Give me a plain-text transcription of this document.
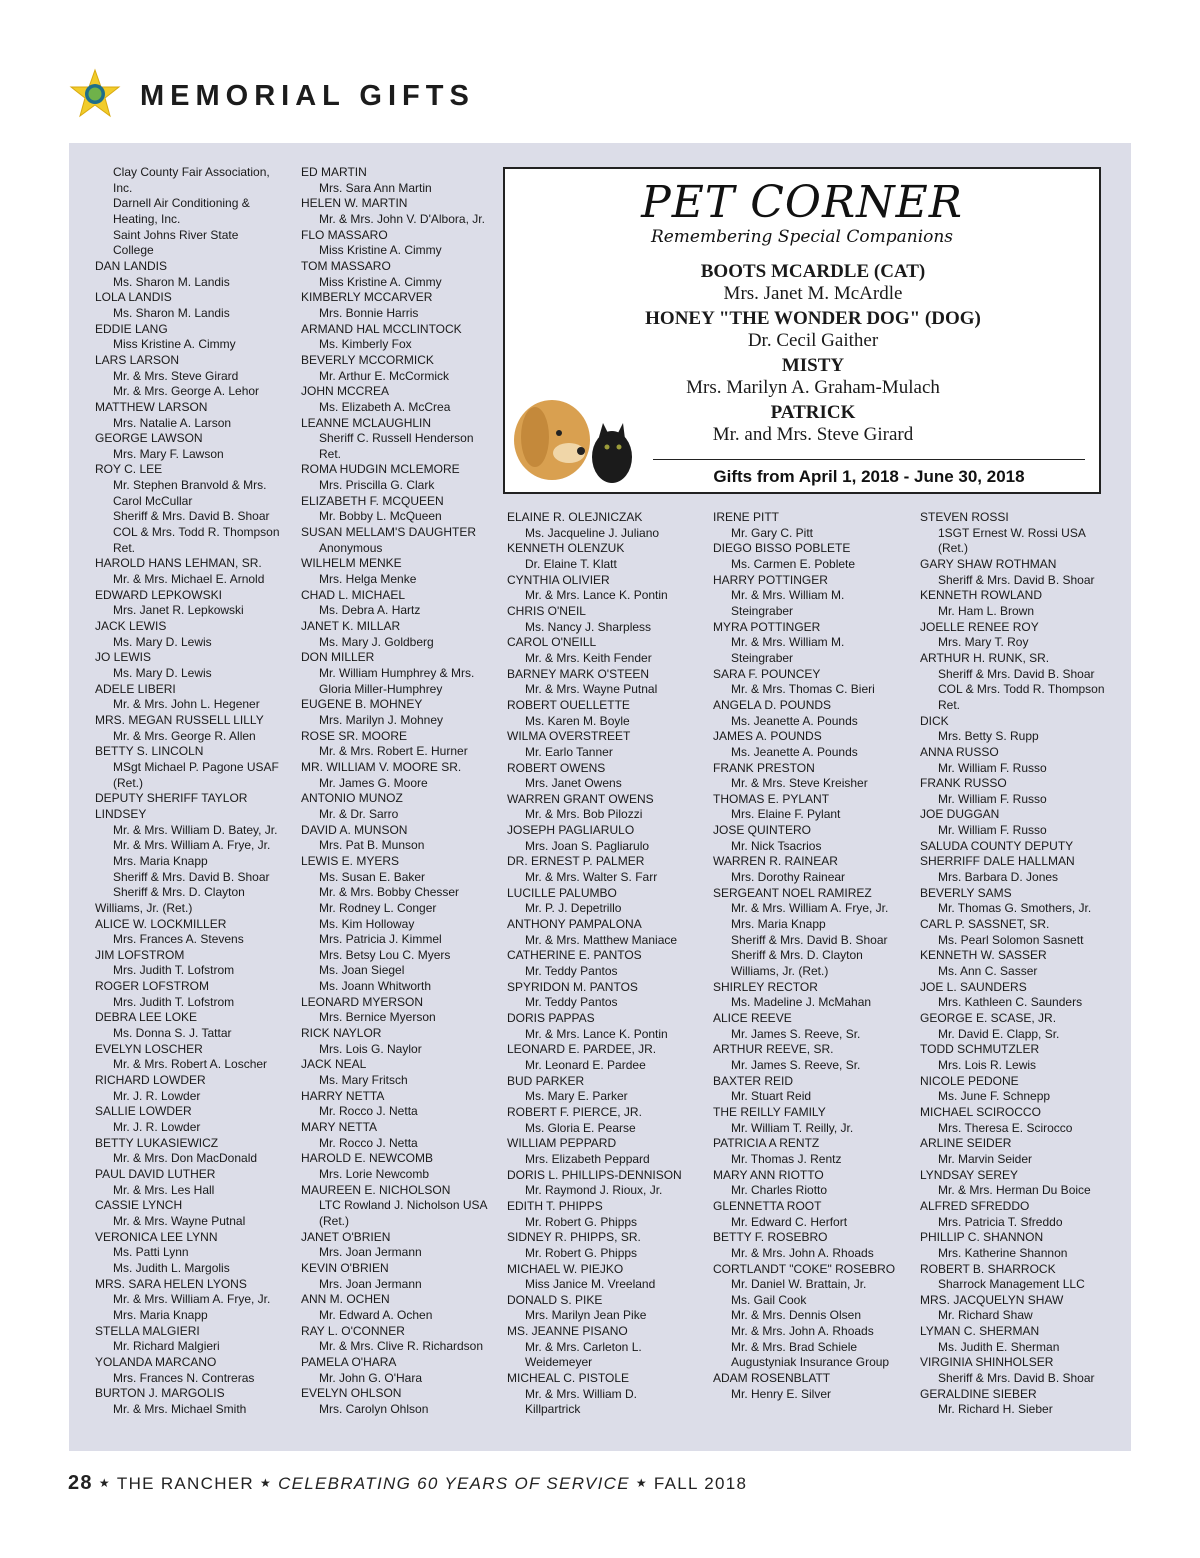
MEMORIAL GIFTS
Clay County Fair Association,
Inc.
Darnell Air Conditioning &
Heating, Inc.
Saint Johns River State
College
DAN LANDIS
Ms. Sharon M. Landis
LOLA LANDIS
Ms. Sharon M. Landis
EDDIE LANG
Miss Kristine A. Cimmy
LARS LARSON
Mr. & Mrs. Steve Girard
Mr. & Mrs. George A. Lehor
MATTHEW LARSON
Mrs. Natalie A. Larson
GEORGE LAWSON
Mrs. Mary F. Lawson
ROY C. LEE
Mr. Stephen Branvold & Mrs.
Carol McCullar
Sheriff & Mrs. David B. Shoar
COL & Mrs. Todd R. Thompson
Ret.
HAROLD HANS LEHMAN, SR.
Mr. & Mrs. Michael E. Arnold
EDWARD LEPKOWSKI
Mrs. Janet R. Lepkowski
JACK LEWIS
Ms. Mary D. Lewis
JO LEWIS
Ms. Mary D. Lewis
ADELE LIBERI
Mr. & Mrs. John L. Hegener
MRS. MEGAN RUSSELL LILLY
Mr. & Mrs. George R. Allen
BETTY S. LINCOLN
MSgt Michael P. Pagone USAF
(Ret.)
DEPUTY SHERIFF TAYLOR
LINDSEY
Mr. & Mrs. William D. Batey, Jr.
Mr. & Mrs. William A. Frye, Jr.
Mrs. Maria Knapp
Sheriff & Mrs. David B. Shoar
Sheriff & Mrs. D. Clayton
Williams, Jr. (Ret.)
ALICE W. LOCKMILLER
Mrs. Frances A. Stevens
JIM LOFSTROM
Mrs. Judith T. Lofstrom
ROGER LOFSTROM
Mrs. Judith T. Lofstrom
DEBRA LEE LOKE
Ms. Donna S. J. Tattar
EVELYN LOSCHER
Mr. & Mrs. Robert A. Loscher
RICHARD LOWDER
Mr. J. R. Lowder
SALLIE LOWDER
Mr. J. R. Lowder
BETTY LUKASIEWICZ
Mr. & Mrs. Don MacDonald
PAUL DAVID LUTHER
Mr. & Mrs. Les Hall
CASSIE LYNCH
Mr. & Mrs. Wayne Putnal
VERONICA LEE LYNN
Ms. Patti Lynn
Ms. Judith L. Margolis
MRS. SARA HELEN LYONS
Mr. & Mrs. William A. Frye, Jr.
Mrs. Maria Knapp
STELLA MALGIERI
Mr. Richard Malgieri
YOLANDA MARCANO
Mrs. Frances N. Contreras
BURTON J. MARGOLIS
Mr. & Mrs. Michael Smith
ED MARTIN
Mrs. Sara Ann Martin
HELEN W. MARTIN
Mr. & Mrs. John V. D'Albora, Jr.
FLO MASSARO
Miss Kristine A. Cimmy
TOM MASSARO
Miss Kristine A. Cimmy
KIMBERLY MCCARVER
Mrs. Bonnie Harris
ARMAND HAL MCCLINTOCK
Ms. Kimberly Fox
BEVERLY MCCORMICK
Mr. Arthur E. McCormick
JOHN MCCREA
Ms. Elizabeth A. McCrea
LEANNE MCLAUGHLIN
Sheriff C. Russell Henderson
Ret.
ROMA HUDGIN MCLEMORE
Mrs. Priscilla G. Clark
ELIZABETH F. MCQUEEN
Mr. Bobby L. McQueen
SUSAN MELLAM'S DAUGHTER
Anonymous
WILHELM MENKE
Mrs. Helga Menke
CHAD L. MICHAEL
Ms. Debra A. Hartz
JANET K. MILLAR
Ms. Mary J. Goldberg
DON MILLER
Mr. William Humphrey & Mrs.
Gloria Miller-Humphrey
EUGENE B. MOHNEY
Mrs. Marilyn J. Mohney
ROSE SR. MOORE
Mr. & Mrs. Robert E. Hurner
MR. WILLIAM V. MOORE SR.
Mr. James G. Moore
ANTONIO MUNOZ
Mr. & Dr. Sarro
DAVID A. MUNSON
Mrs. Pat B. Munson
LEWIS E. MYERS
Ms. Susan E. Baker
Mr. & Mrs. Bobby Chesser
Mr. Rodney L. Conger
Ms. Kim Holloway
Mrs. Patricia J. Kimmel
Mrs. Betsy Lou C. Myers
Ms. Joan Siegel
Ms. Joann Whitworth
LEONARD MYERSON
Mrs. Bernice Myerson
RICK NAYLOR
Mrs. Lois G. Naylor
JACK NEAL
Ms. Mary Fritsch
HARRY NETTA
Mr. Rocco J. Netta
MARY NETTA
Mr. Rocco J. Netta
HAROLD E. NEWCOMB
Mrs. Lorie Newcomb
MAUREEN E. NICHOLSON
LTC Rowland J. Nicholson USA
(Ret.)
JANET O'BRIEN
Mrs. Joan Jermann
KEVIN O'BRIEN
Mrs. Joan Jermann
ANN M. OCHEN
Mr. Edward A. Ochen
RAY L. O'CONNER
Mr. & Mrs. Clive R. Richardson
PAMELA O'HARA
Mr. John G. O'Hara
EVELYN OHLSON
Mrs. Carolyn Ohlson
ELAINE R. OLEJNICZAK
Ms. Jacqueline J. Juliano
KENNETH OLENZUK
Dr. Elaine T. Klatt
CYNTHIA OLIVIER
Mr. & Mrs. Lance K. Pontin
CHRIS O'NEIL
Ms. Nancy J. Sharpless
CAROL O'NEILL
Mr. & Mrs. Keith Fender
BARNEY MARK O'STEEN
Mr. & Mrs. Wayne Putnal
ROBERT OUELLETTE
Ms. Karen M. Boyle
WILMA OVERSTREET
Mr. Earlo Tanner
ROBERT OWENS
Mrs. Janet Owens
WARREN GRANT OWENS
Mr. & Mrs. Bob Pilozzi
JOSEPH PAGLIARULO
Mrs. Joan S. Pagliarulo
DR. ERNEST P. PALMER
Mr. & Mrs. Walter S. Farr
LUCILLE PALUMBO
Mr. P. J. Depetrillo
ANTHONY PAMPALONA
Mr. & Mrs. Matthew Maniace
CATHERINE E. PANTOS
Mr. Teddy Pantos
SPYRIDON M. PANTOS
Mr. Teddy Pantos
DORIS PAPPAS
Mr. & Mrs. Lance K. Pontin
LEONARD E. PARDEE, JR.
Mr. Leonard E. Pardee
BUD PARKER
Ms. Mary E. Parker
ROBERT F. PIERCE, JR.
Ms. Gloria E. Pearse
WILLIAM PEPPARD
Mrs. Elizabeth Peppard
DORIS L. PHILLIPS-DENNISON
Mr. Raymond J. Rioux, Jr.
EDITH T. PHIPPS
Mr. Robert G. Phipps
SIDNEY R. PHIPPS, SR.
Mr. Robert G. Phipps
MICHAEL W. PIEJKO
Miss Janice M. Vreeland
DONALD S. PIKE
Mrs. Marilyn Jean Pike
MS. JEANNE PISANO
Mr. & Mrs. Carleton L.
Weidemeyer
MICHEAL C. PISTOLE
Mr. & Mrs. William D.
Killpartrick
IRENE PITT
Mr. Gary C. Pitt
DIEGO BISSO POBLETE
Ms. Carmen E. Poblete
HARRY POTTINGER
Mr. & Mrs. William M.
Steingraber
MYRA POTTINGER
Mr. & Mrs. William M.
Steingraber
SARA F. POUNCEY
Mr. & Mrs. Thomas C. Bieri
ANGELA D. POUNDS
Ms. Jeanette A. Pounds
JAMES A. POUNDS
Ms. Jeanette A. Pounds
FRANK PRESTON
Mr. & Mrs. Steve Kreisher
THOMAS E. PYLANT
Mrs. Elaine F. Pylant
JOSE QUINTERO
Mr. Nick Tsacrios
WARREN R. RAINEAR
Mrs. Dorothy Rainear
SERGEANT NOEL RAMIREZ
Mr. & Mrs. William A. Frye, Jr.
Mrs. Maria Knapp
Sheriff & Mrs. David B. Shoar
Sheriff & Mrs. D. Clayton
Williams, Jr. (Ret.)
SHIRLEY RECTOR
Ms. Madeline J. McMahan
ALICE REEVE
Mr. James S. Reeve, Sr.
ARTHUR REEVE, SR.
Mr. James S. Reeve, Sr.
BAXTER REID
Mr. Stuart Reid
THE REILLY FAMILY
Mr. William T. Reilly, Jr.
PATRICIA A RENTZ
Mr. Thomas J. Rentz
MARY ANN RIOTTO
Mr. Charles Riotto
GLENNETTA ROOT
Mr. Edward C. Herfort
BETTY F. ROSEBRO
Mr. & Mrs. John A. Rhoads
CORTLANDT "COKE" ROSEBRO
Mr. Daniel W. Brattain, Jr.
Ms. Gail Cook
Mr. & Mrs. Dennis Olsen
Mr. & Mrs. John A. Rhoads
Mr. & Mrs. Brad Schiele
Augustyniak Insurance Group
ADAM ROSENBLATT
Mr. Henry E. Silver
STEVEN ROSSI
1SGT Ernest W. Rossi USA
(Ret.)
GARY SHAW ROTHMAN
Sheriff & Mrs. David B. Shoar
KENNETH ROWLAND
Mr. Ham L. Brown
JOELLE RENEE ROY
Mrs. Mary T. Roy
ARTHUR H. RUNK, SR.
Sheriff & Mrs. David B. Shoar
COL & Mrs. Todd R. Thompson
Ret.
DICK
Mrs. Betty S. Rupp
ANNA RUSSO
Mr. William F. Russo
FRANK RUSSO
Mr. William F. Russo
JOE DUGGAN
Mr. William F. Russo
SALUDA COUNTY DEPUTY
SHERRIFF DALE HALLMAN
Mrs. Barbara D. Jones
BEVERLY SAMS
Mr. Thomas G. Smothers, Jr.
CARL P. SASSNET, SR.
Ms. Pearl Solomon Sasnett
KENNETH W. SASSER
Ms. Ann C. Sasser
JOE L. SAUNDERS
Mrs. Kathleen C. Saunders
GEORGE E. SCASE, JR.
Mr. David E. Clapp, Sr.
TODD SCHMUTZLER
Mrs. Lois R. Lewis
NICOLE PEDONE
Ms. June F. Schnepp
MICHAEL SCIROCCO
Mrs. Theresa E. Scirocco
ARLINE SEIDER
Mr. Marvin Seider
LYNDSAY SEREY
Mr. & Mrs. Herman Du Boice
ALFRED SFREDDO
Mrs. Patricia T. Sfreddo
PHILLIP C. SHANNON
Mrs. Katherine Shannon
ROBERT B. SHARROCK
Sharrock Management LLC
MRS. JACQUELYN SHAW
Mr. Richard Shaw
LYMAN C. SHERMAN
Ms. Judith E. Sherman
VIRGINIA SHINHOLSER
Sheriff & Mrs. David B. Shoar
GERALDINE SIEBER
Mr. Richard H. Sieber
PET CORNER
Remembering Special Companions
BOOTS MCARDLE (CAT)
Mrs. Janet M. McArdle
HONEY "THE WONDER DOG" (DOG)
Dr. Cecil Gaither
MISTY
Mrs. Marilyn A. Graham-Mulach
PATRICK
Mr. and Mrs. Steve Girard
Gifts from April 1, 2018 - June 30, 2018
28 ★ THE RANCHER ★ CELEBRATING 60 YEARS OF SERVICE ★ FALL 2018
